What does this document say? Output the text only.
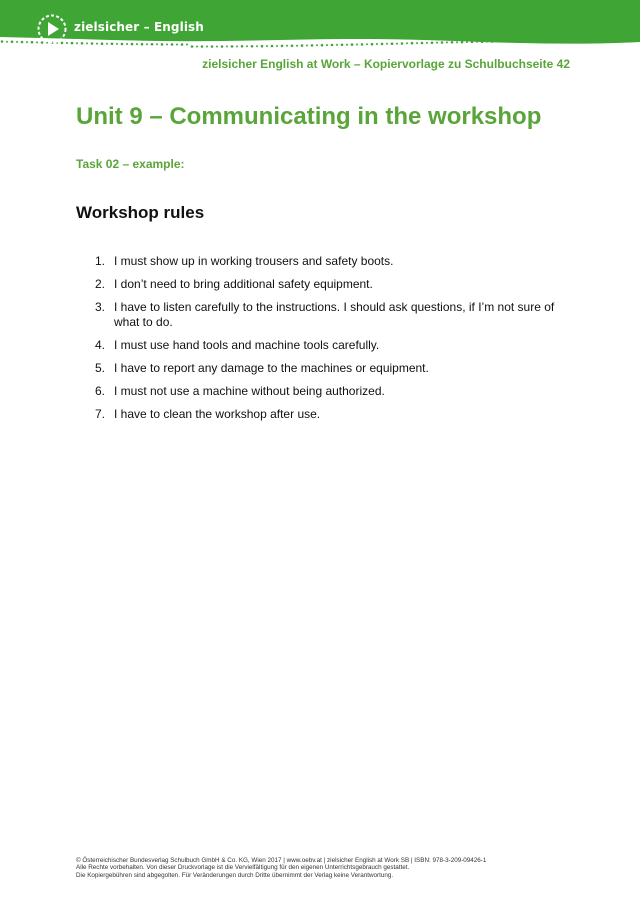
zielsicher – English
zielsicher English at Work – Kopiervorlage zu Schulbuchseite 42
Unit 9 – Communicating in the workshop
Task 02 – example:
Workshop rules
1. I must show up in working trousers and safety boots.
2. I don’t need to bring additional safety equipment.
3. I have to listen carefully to the instructions. I should ask questions, if I’m not sure of what to do.
4. I must use hand tools and machine tools carefully.
5. I have to report any damage to the machines or equipment.
6. I must not use a machine without being authorized.
7. I have to clean the workshop after use.
© Österreichischer Bundesverlag Schulbuch GmbH & Co. KG, Wien 2017 | www.oebv.at | zielsicher English at Work SB | ISBN: 978-3-209-09426-1
Alle Rechte vorbehalten. Von dieser Druckvorlage ist die Vervielfältigung für den eigenen Unterrichtsgebrauch gestattet.
Die Kopiergebühren sind abgegolten. Für Veränderungen durch Dritte übernimmt der Verlag keine Verantwortung.
